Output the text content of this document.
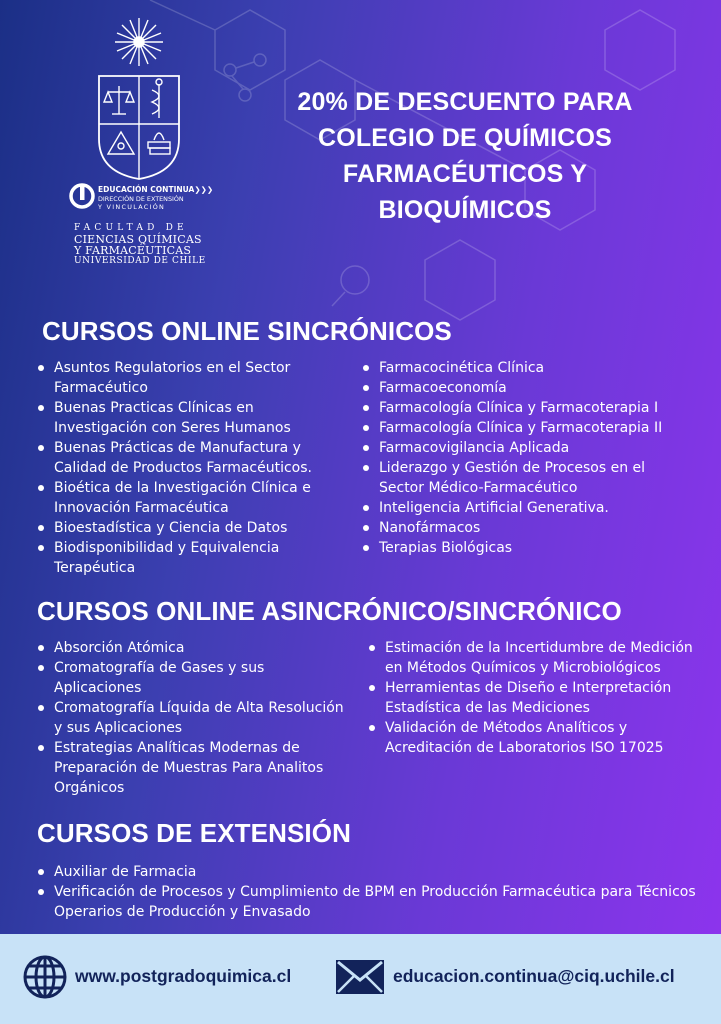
EDUCACIÓN CONTINUA❯❯❯
DIRECCIÓN DE EXTENSIÓN
Y VINCULACIÓN
FACULTAD DE
CIENCIAS QUÍMICAS
Y FARMACÉUTICAS
UNIVERSIDAD DE CHILE
20% DE DESCUENTO PARA COLEGIO DE QUÍMICOS FARMACÉUTICOS Y BIOQUÍMICOS
CURSOS ONLINE SINCRÓNICOS
Asuntos Regulatorios en el Sector Farmacéutico
Buenas Practicas Clínicas en Investigación con Seres Humanos
Buenas Prácticas de Manufactura y Calidad de Productos Farmacéuticos.
Bioética de la Investigación Clínica e Innovación Farmacéutica
Bioestadística y Ciencia de Datos
Biodisponibilidad y Equivalencia Terapéutica
Farmacocinética Clínica
Farmacoeconomía
Farmacología Clínica y Farmacoterapia I
Farmacología Clínica y Farmacoterapia II
Farmacovigilancia Aplicada
Liderazgo y Gestión de Procesos en el Sector Médico-Farmacéutico
Inteligencia Artificial Generativa.
Nanofármacos
Terapias Biológicas
CURSOS ONLINE ASINCRÓNICO/SINCRÓNICO
Absorción Atómica
Cromatografía de Gases y sus Aplicaciones
Cromatografía Líquida de Alta Resolución y sus Aplicaciones
Estrategias Analíticas Modernas de Preparación de Muestras Para Analitos Orgánicos
Estimación de la Incertidumbre de Medición en Métodos Químicos y Microbiológicos
Herramientas de Diseño e Interpretación Estadística de las Mediciones
Validación de Métodos Analíticos y Acreditación de Laboratorios ISO 17025
CURSOS DE EXTENSIÓN
Auxiliar de Farmacia
Verificación de Procesos y Cumplimiento de BPM en Producción Farmacéutica para Técnicos Operarios de Producción y Envasado
www.postgradoquimica.cl	educacion.continua@ciq.uchile.cl
